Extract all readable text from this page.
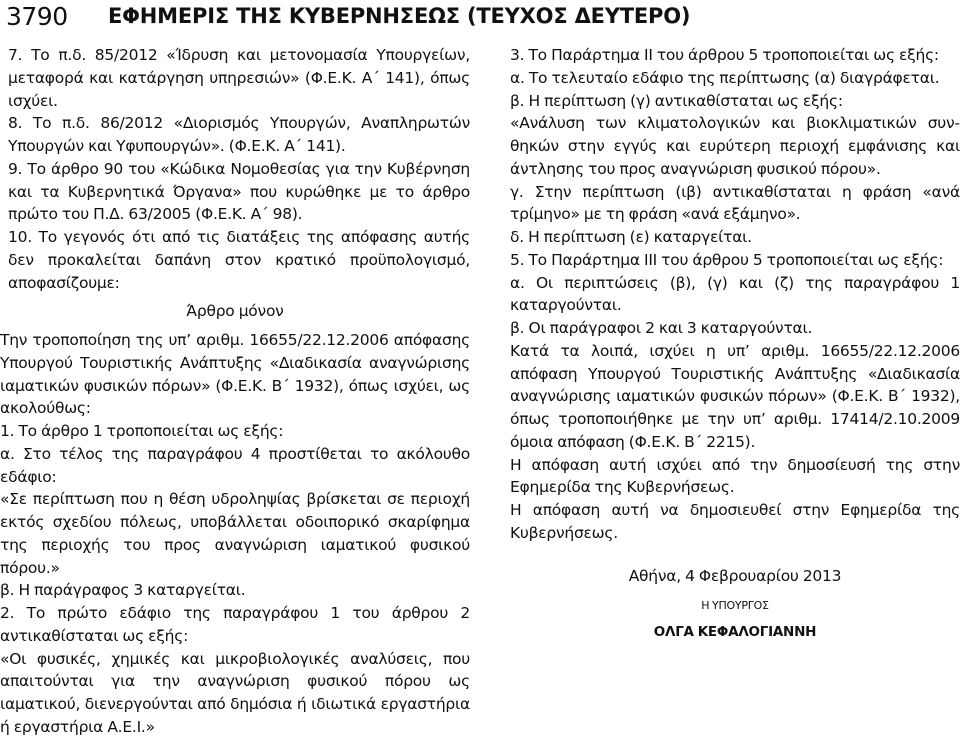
3790 ΕΦΗΜΕΡΙΣ ΤΗΣ ΚΥΒΕΡΝΗΣΕΩΣ (ΤΕΥΧΟΣ ΔΕΥΤΕΡΟ)

7. Το π.δ. 85/2012 «Ίδρυση και μετονομασία Υπουργείων, μεταφορά και κατάργηση υπηρεσιών» (Φ.Ε.Κ. Α΄ 141), όπως ισχύει.

8. Το π.δ. 86/2012 «Διορισμός Υπουργών, Αναπληρωτών Υπουργών και Υφυπουργών». (Φ.Ε.Κ. Α΄ 141).

9. Το άρθρο 90 του «Κώδικα Νομοθεσίας για την Κυβέρνηση και τα Κυβερνητικά Όργανα» που κυρώθηκε με το άρθρο πρώτο του Π.Δ. 63/2005 (Φ.Ε.Κ. Α΄ 98).

10. Το γεγονός ότι από τις διατάξεις της απόφασης αυτής δεν προκαλείται δαπάνη στον κρατικό προϋπολογισμό, αποφασίζουμε:

Άρθρο μόνον

Την τροποποίηση της υπ’ αριθμ. 16655/22.12.2006 απόφασης Υπουργού Τουριστικής Ανάπτυξης «Διαδικασία αναγνώρισης ιαματικών φυσικών πόρων» (Φ.Ε.Κ. Β΄ 1932), όπως ισχύει, ως ακολούθως:

1. Το άρθρο 1 τροποποιείται ως εξής:

α. Στο τέλος της παραγράφου 4 προστίθεται το ακόλουθο εδάφιο:

«Σε περίπτωση που η θέση υδροληψίας βρίσκεται σε περιοχή εκτός σχεδίου πόλεως, υποβάλλεται οδοιπορικό σκαρίφημα της περιοχής του προς αναγνώριση ιαματικού φυσικού πόρου.»

β. Η παράγραφος 3 καταργείται.

2. Το πρώτο εδάφιο της παραγράφου 1 του άρθρου 2 αντικαθίσταται ως εξής:

«Οι φυσικές, χημικές και μικροβιολογικές αναλύσεις, που απαιτούνται για την αναγνώριση φυσικού πόρου ως ιαματικού, διενεργούνται από δημόσια ή ιδιωτικά εργαστήρια ή εργαστήρια Α.Ε.Ι.»

3. Το Παράρτημα ΙΙ του άρθρου 5 τροποποιείται ως εξής:

α. Το τελευταίο εδάφιο της περίπτωσης (α) διαγράφεται.

β. Η περίπτωση (γ) αντικαθίσταται ως εξής:

«Ανάλυση των κλιματολογικών και βιοκλιματικών συνθηκών στην εγγύς και ευρύτερη περιοχή εμφάνισης και άντλησης του προς αναγνώριση φυσικού πόρου».

γ. Στην περίπτωση (ιβ) αντικαθίσταται η φράση «ανά τρίμηνο» με τη φράση «ανά εξάμηνο».

δ. Η περίπτωση (ε) καταργείται.

5. Το Παράρτημα ΙΙΙ του άρθρου 5 τροποποιείται ως εξής:

α. Οι περιπτώσεις (β), (γ) και (ζ) της παραγράφου 1 καταργούνται.

β. Οι παράγραφοι 2 και 3 καταργούνται.

Κατά τα λοιπά, ισχύει η υπ’ αριθμ. 16655/22.12.2006 απόφαση Υπουργού Τουριστικής Ανάπτυξης «Διαδικασία αναγνώρισης ιαματικών φυσικών πόρων» (Φ.Ε.Κ. Β΄ 1932), όπως τροποποιήθηκε με την υπ’ αριθμ. 17414/2.10.2009 όμοια απόφαση (Φ.Ε.Κ. Β΄ 2215).

Η απόφαση αυτή ισχύει από την δημοσίευσή της στην Εφημερίδα της Κυβερνήσεως.

Η απόφαση αυτή να δημοσιευθεί στην Εφημερίδα της Κυβερνήσεως.

Αθήνα, 4 Φεβρουαρίου 2013

Η ΥΠΟΥΡΓΟΣ

ΟΛΓΑ ΚΕΦΑΛΟΓΙΑΝΝΗ
